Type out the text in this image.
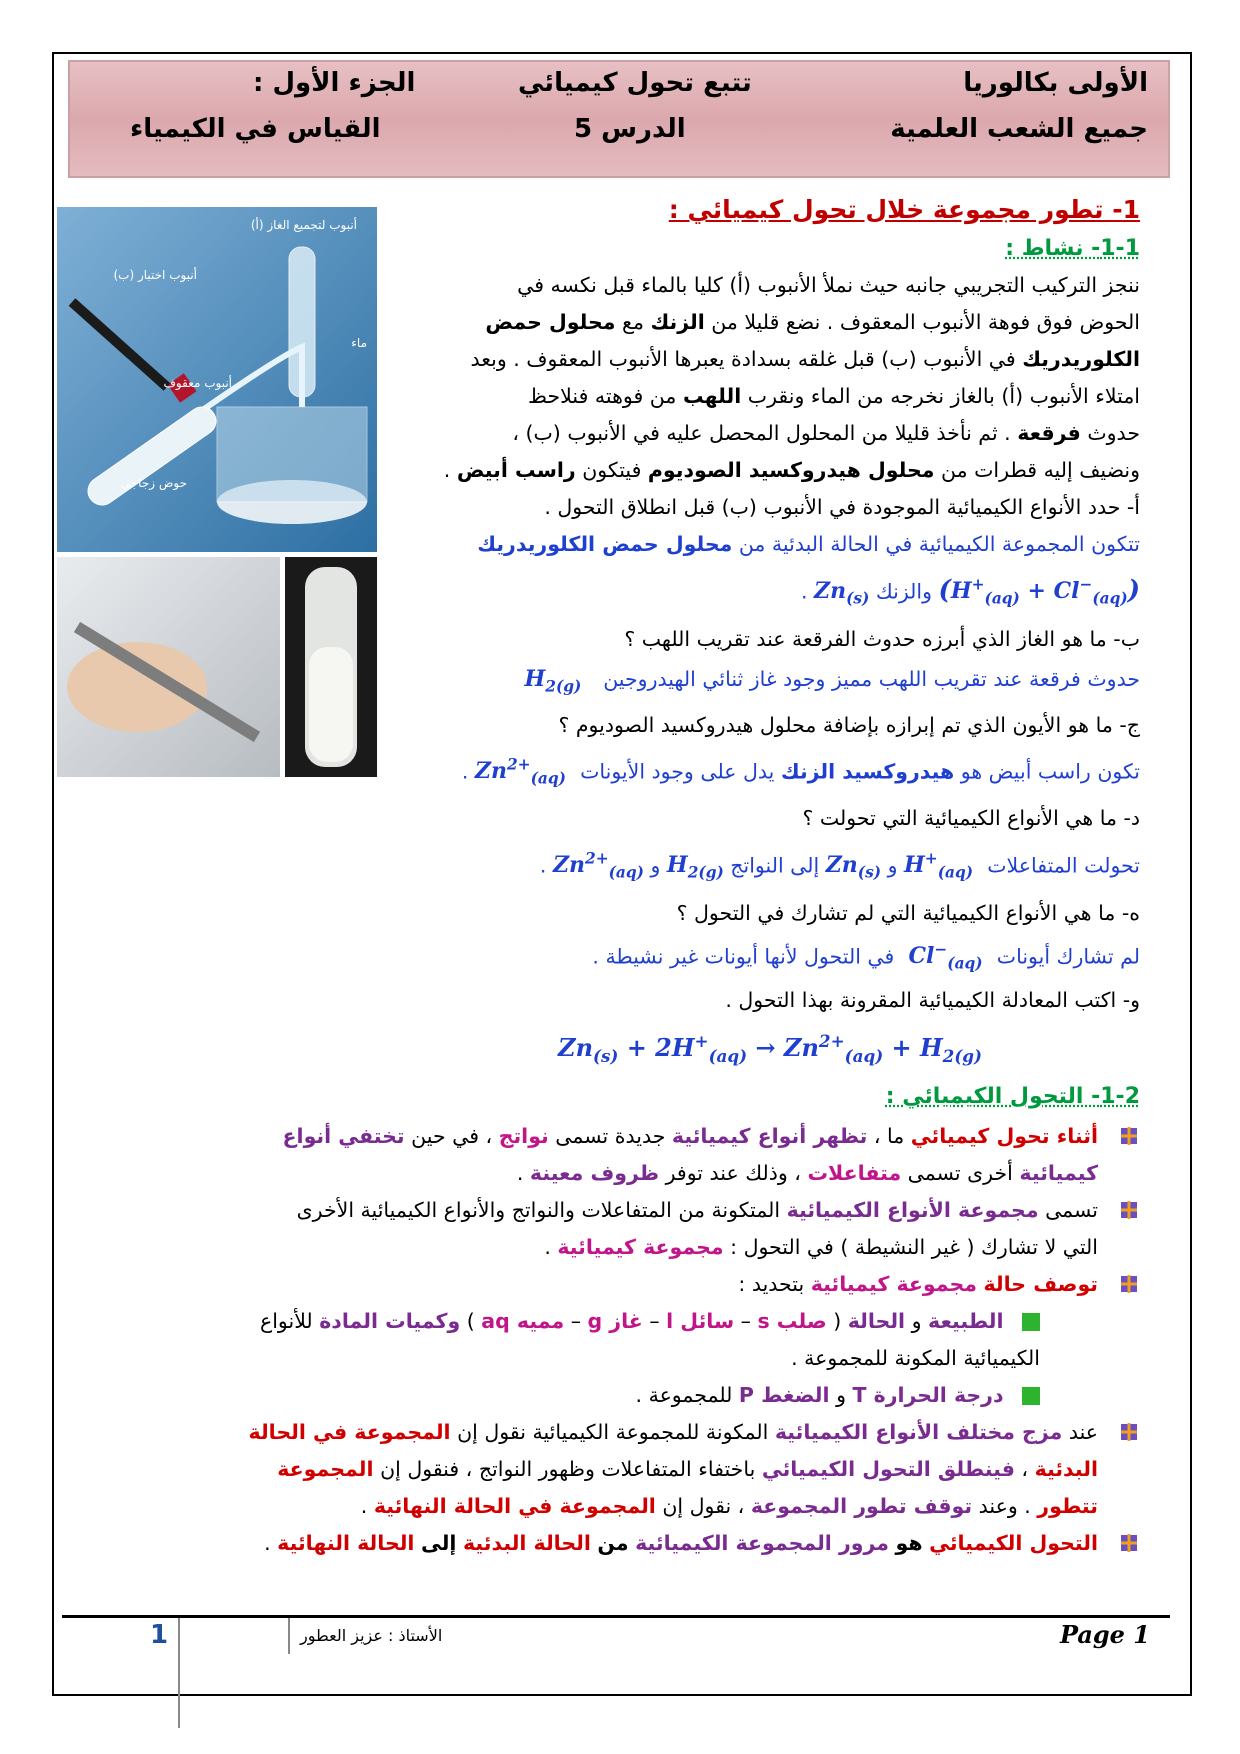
الأولى بكالوريا
جميع الشعب العلمية
تتبع تحول كيميائي
الدرس 5
الجزء الأول :
القياس في الكيمياء
أنبوب لتجميع الغاز (أ)
أنبوب اختبار (ب)
أنبوب معقوف
ماء
حوض زجاجي
1- تطور مجموعة خلال تحول كيميائي :
1-1- نشاط :
ننجز التركيب التجريبي جانبه حيث نملأ الأنبوب (أ) كليا بالماء قبل نكسه في
الحوض فوق فوهة الأنبوب المعقوف . نضع قليلا من الزنك مع محلول حمض
الكلوريدريك في الأنبوب (ب) قبل غلقه بسدادة يعبرها الأنبوب المعقوف . وبعد
امتلاء الأنبوب (أ) بالغاز نخرجه من الماء ونقرب اللهب من فوهته فنلاحظ
حدوث فرقعة . ثم نأخذ قليلا من المحلول المحصل عليه في الأنبوب (ب) ،
ونضيف إليه قطرات من محلول هيدروكسيد الصوديوم فيتكون راسب أبيض .
أ- حدد الأنواع الكيميائية الموجودة في الأنبوب (ب) قبل انطلاق التحول .
تتكون المجموعة الكيميائية في الحالة البدئية من محلول حمض الكلوريدريك
$(H^+_{(aq)} + Cl^-_{(aq)})$ والزنك $Zn_{(s)}$ .
ب- ما هو الغاز الذي أبرزه حدوث الفرقعة عند تقريب اللهب ؟
حدوث فرقعة عند تقريب اللهب مميز وجود غاز ثنائي الهيدروجين   $H_{2(g)}$
ج- ما هو الأيون الذي تم إبرازه بإضافة محلول هيدروكسيد الصوديوم ؟
تكون راسب أبيض هو هيدروكسيد الزنك يدل على وجود الأيونات  $Zn^{2+}_{(aq)}$ .
د- ما هي الأنواع الكيميائية التي تحولت ؟
تحولت المتفاعلات  $H^+_{(aq)}$ و $Zn_{(s)}$ إلى النواتج $H_{2(g)}$ و $Zn^{2+}_{(aq)}$ .
ه- ما هي الأنواع الكيميائية التي لم تشارك في التحول ؟
لم تشارك أيونات  $Cl^-_{(aq)}$  في التحول لأنها أيونات غير نشيطة .
و- اكتب المعادلة الكيميائية المقرونة بهذا التحول .
$Zn_{(s)} + 2H^+_{(aq)} \to Zn^{2+}_{(aq)} + H_{2(g)}$
1-2- التحول الكيميائي :
أثناء تحول كيميائي ما ، تظهر أنواع كيميائية جديدة تسمى نواتج ، في حين تختفي أنواع
كيميائية أخرى تسمى متفاعلات ، وذلك عند توفر ظروف معينة .
تسمى مجموعة الأنواع الكيميائية المتكونة من المتفاعلات والنواتج والأنواع الكيميائية الأخرى
التي لا تشارك ( غير النشيطة ) في التحول : مجموعة كيميائية .
توصف حالة مجموعة كيميائية بتحديد :
الطبيعة و الحالة ( صلب s – سائل l – غاز g – مميه aq ) وكميات المادة للأنواع
الكيميائية المكونة للمجموعة .
درجة الحرارة T و الضغط P للمجموعة .
عند مزج مختلف الأنواع الكيميائية المكونة للمجموعة الكيميائية نقول إن المجموعة في الحالة
البدئية ، فينطلق التحول الكيميائي باختفاء المتفاعلات وظهور النواتج ، فنقول إن المجموعة
تتطور . وعند توقف تطور المجموعة ، نقول إن المجموعة في الحالة النهائية .
التحول الكيميائي هو مرور المجموعة الكيميائية من الحالة البدئية إلى الحالة النهائية .
1	الأستاذ : عزيز العطور	Page 1
